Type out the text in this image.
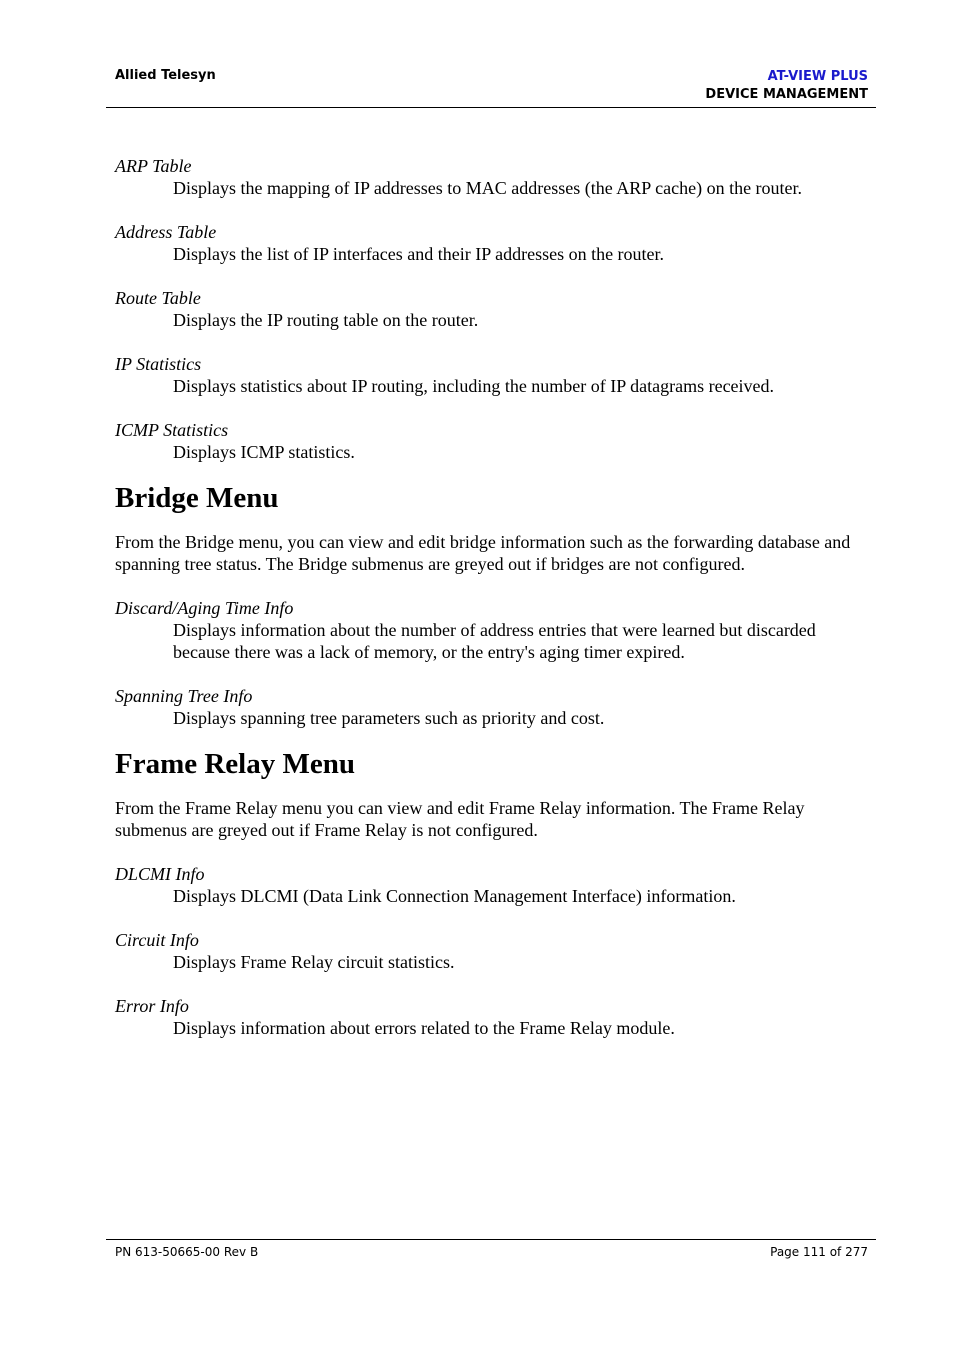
Allied Telesyn	AT-VIEW PLUS
DEVICE MANAGEMENT
ARP Table
Displays the mapping of IP addresses to MAC addresses (the ARP cache) on the router.
Address Table
Displays the list of IP interfaces and their IP addresses on the router.
Route Table
Displays the IP routing table on the router.
IP Statistics
Displays statistics about IP routing, including the number of IP datagrams received.
ICMP Statistics
Displays ICMP statistics.
Bridge Menu

From the Bridge menu, you can view and edit bridge information such as the forwarding database and spanning tree status. The Bridge submenus are greyed out if bridges are not configured.

Discard/Aging Time Info
Displays information about the number of address entries that were learned but discarded because there was a lack of memory, or the entry's aging timer expired.
Spanning Tree Info
Displays spanning tree parameters such as priority and cost.
Frame Relay Menu

From the Frame Relay menu you can view and edit Frame Relay information. The Frame Relay submenus are greyed out if Frame Relay is not configured.

DLCMI Info
Displays DLCMI (Data Link Connection Management Interface) information.
Circuit Info
Displays Frame Relay circuit statistics.
Error Info
Displays information about errors related to the Frame Relay module.
PN 613-50665-00 Rev B	Page 111 of 277
